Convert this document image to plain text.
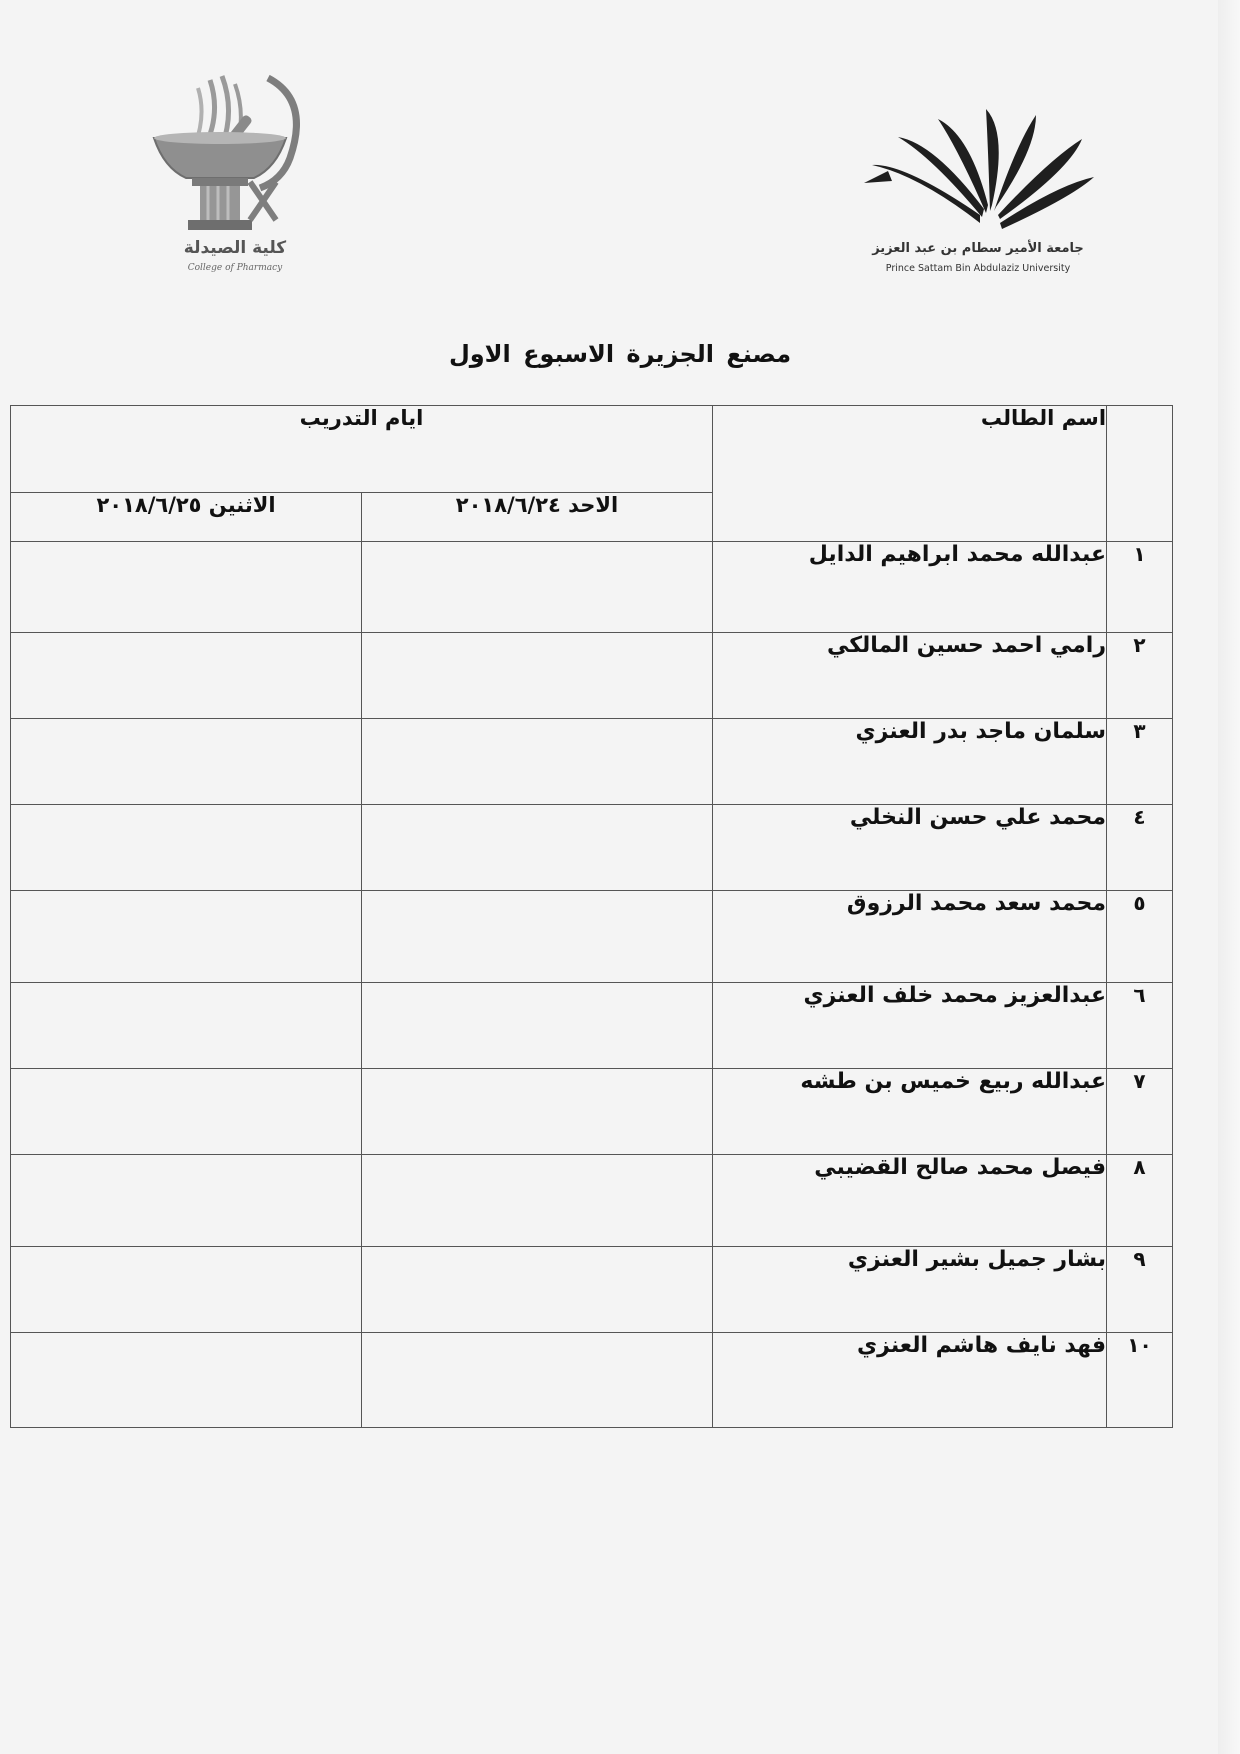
كلية الصيدلة
College of Pharmacy
جامعة الأمير سطام بن عبد العزيز
Prince Sattam Bin Abdulaziz University
مصنع الجزيرة الاسبوع الاول
	اسم الطالب	ايام التدريب	
		الاحد ٢٠١٨/٦/٢٤	الاثنين ٢٠١٨/٦/٢٥
١	عبدالله محمد ابراهيم الدايل		
٢	رامي احمد حسين المالكي		
٣	سلمان ماجد بدر العنزي		
٤	محمد علي حسن النخلي		
٥	محمد سعد محمد الرزوق		
٦	عبدالعزيز محمد خلف العنزي		
٧	عبدالله ربيع خميس بن طشه		
٨	فيصل محمد صالح القضيبي		
٩	بشار جميل بشير العنزي		
١٠	فهد نايف هاشم العنزي		
